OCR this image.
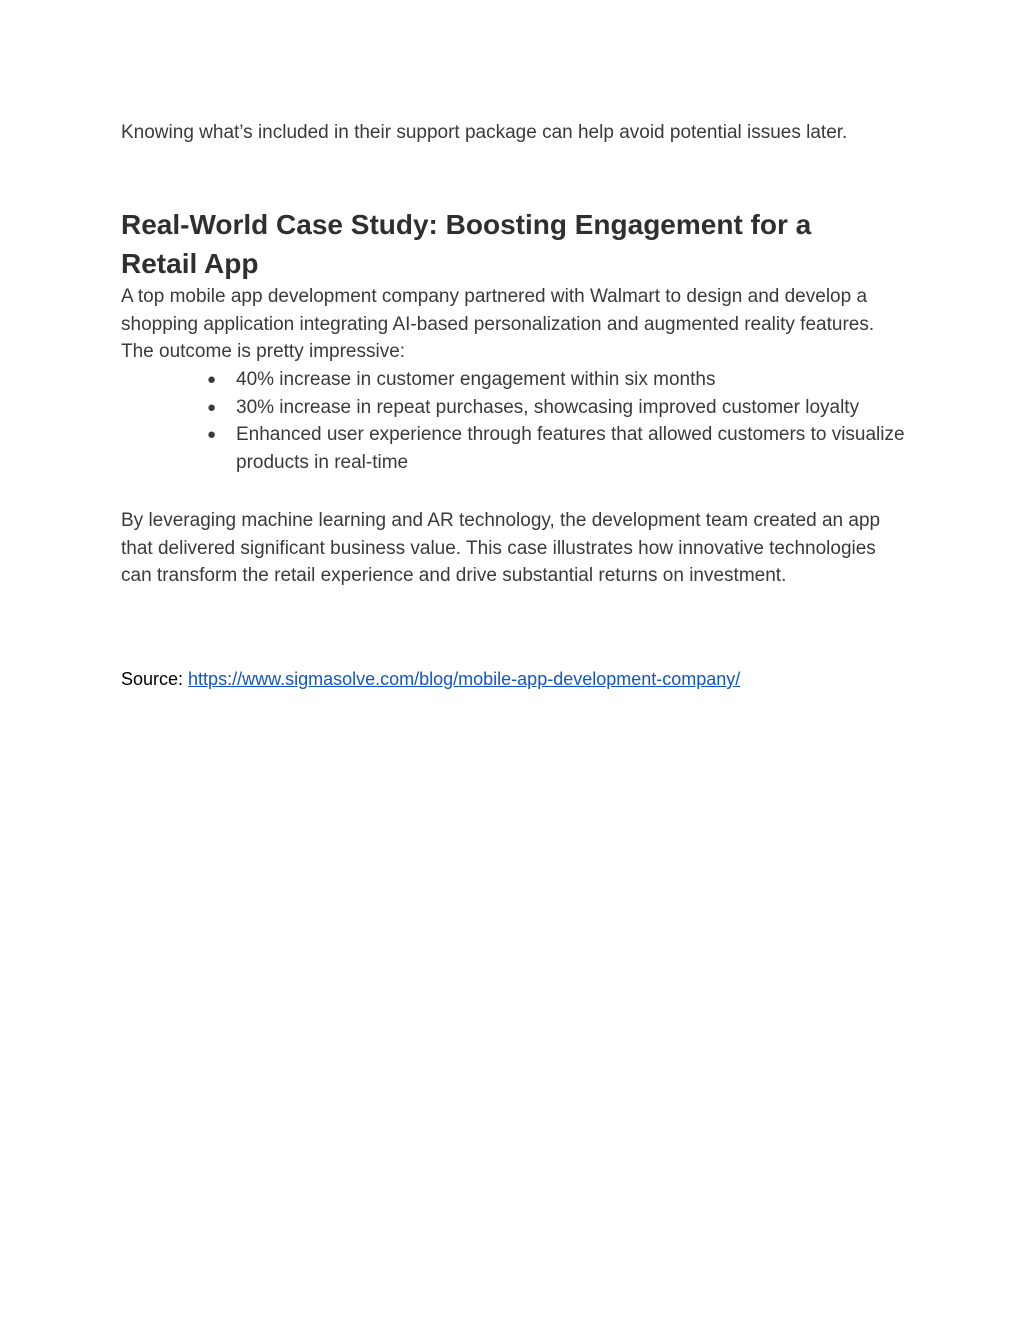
Knowing what’s included in their support package can help avoid potential issues later.

Real-World Case Study: Boosting Engagement for a Retail App

A top mobile app development company partnered with Walmart to design and develop a shopping application integrating AI-based personalization and augmented reality features. The outcome is pretty impressive:

● 40% increase in customer engagement within six months
● 30% increase in repeat purchases, showcasing improved customer loyalty
● Enhanced user experience through features that allowed customers to visualize products in real-time

By leveraging machine learning and AR technology, the development team created an app that delivered significant business value. This case illustrates how innovative technologies can transform the retail experience and drive substantial returns on investment.

Source: https://www.sigmasolve.com/blog/mobile-app-development-company/
